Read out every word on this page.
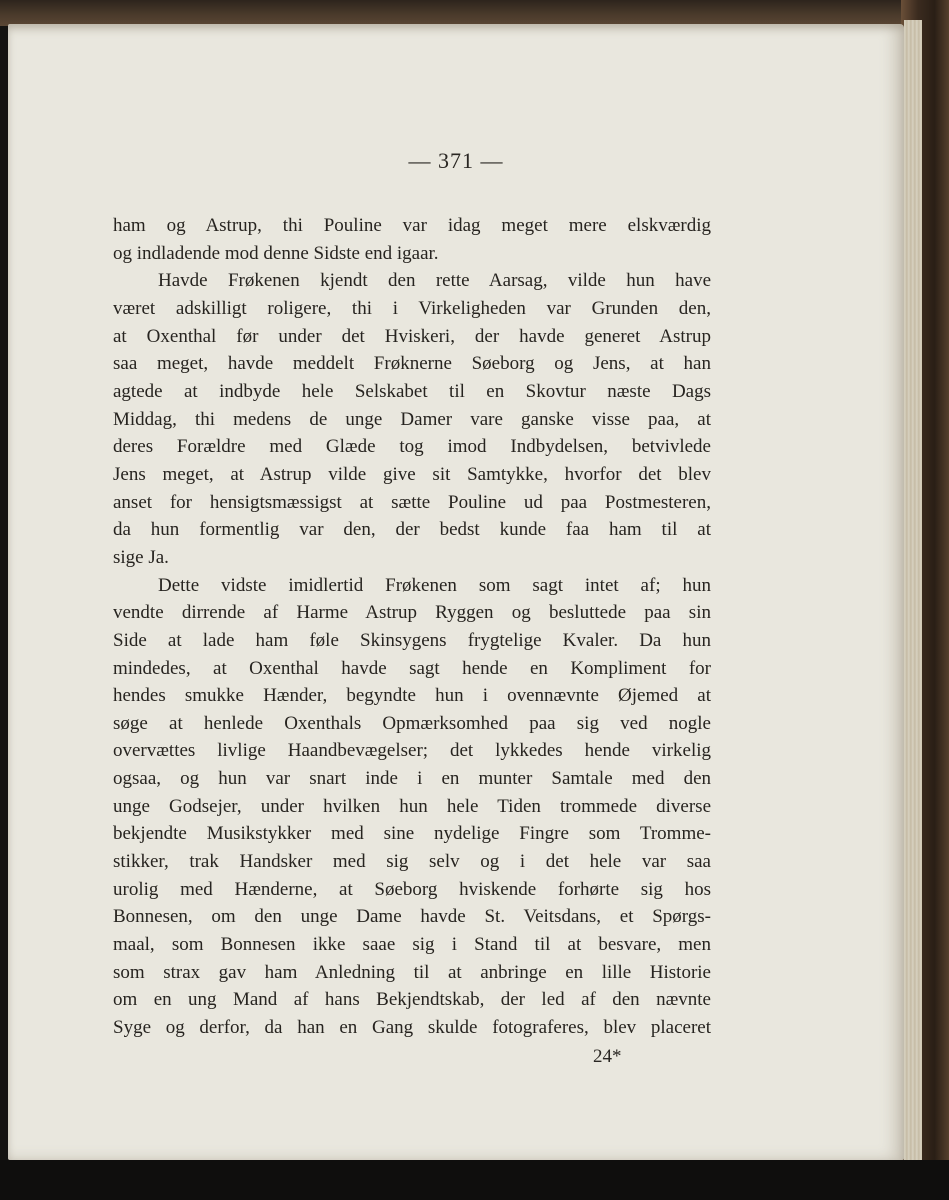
— 371 —
ham og Astrup, thi Pouline var idag meget mere elskværdig
og indladende mod denne Sidste end igaar.
Havde Frøkenen kjendt den rette Aarsag, vilde hun have
været adskilligt roligere, thi i Virkeligheden var Grunden den,
at Oxenthal før under det Hviskeri, der havde generet Astrup
saa meget, havde meddelt Frøknerne Søeborg og Jens, at han
agtede at indbyde hele Selskabet til en Skovtur næste Dags
Middag, thi medens de unge Damer vare ganske visse paa, at
deres Forældre med Glæde tog imod Indbydelsen, betvivlede
Jens meget, at Astrup vilde give sit Samtykke, hvorfor det blev
anset for hensigtsmæssigst at sætte Pouline ud paa Postmesteren,
da hun formentlig var den, der bedst kunde faa ham til at
sige Ja.
Dette vidste imidlertid Frøkenen som sagt intet af; hun
vendte dirrende af Harme Astrup Ryggen og besluttede paa sin
Side at lade ham føle Skinsygens frygtelige Kvaler. Da hun
mindedes, at Oxenthal havde sagt hende en Kompliment for
hendes smukke Hænder, begyndte hun i ovennævnte Øjemed at
søge at henlede Oxenthals Opmærksomhed paa sig ved nogle
overvættes livlige Haandbevægelser; det lykkedes hende virkelig
ogsaa, og hun var snart inde i en munter Samtale med den
unge Godsejer, under hvilken hun hele Tiden trommede diverse
bekjendte Musikstykker med sine nydelige Fingre som Tromme-
stikker, trak Handsker med sig selv og i det hele var saa
urolig med Hænderne, at Søeborg hviskende forhørte sig hos
Bonnesen, om den unge Dame havde St. Veitsdans, et Spørgs-
maal, som Bonnesen ikke saae sig i Stand til at besvare, men
som strax gav ham Anledning til at anbringe en lille Historie
om en ung Mand af hans Bekjendtskab, der led af den nævnte
Syge og derfor, da han en Gang skulde fotograferes, blev placeret
24*
